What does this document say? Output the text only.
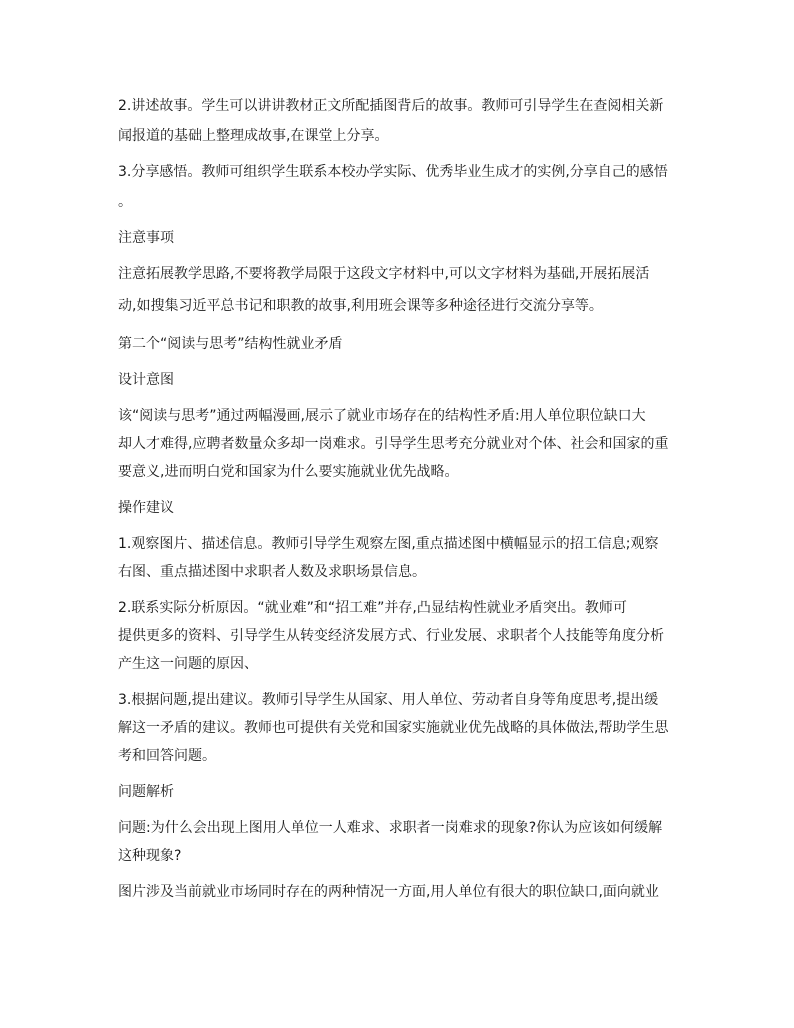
2.讲述故事。学生可以讲讲教材正文所配插图背后的故事。教师可引导学生在查阅相关新
闻报道的基础上整理成故事,在课堂上分享。
3.分享感悟。教师可组织学生联系本校办学实际、优秀毕业生成才的实例,分享自己的感悟
。
注意事项
注意拓展教学思路,不要将教学局限于这段文字材料中,可以文字材料为基础,开展拓展活
动,如搜集习近平总书记和职教的故事,利用班会课等多种途径进行交流分享等。
第二个“阅读与思考”结构性就业矛盾
设计意图
该“阅读与思考”通过两幅漫画,展示了就业市场存在的结构性矛盾:用人单位职位缺口大
却人才难得,应聘者数量众多却一岗难求。引导学生思考充分就业对个体、社会和国家的重
要意义,进而明白党和国家为什么要实施就业优先战略。
操作建议
1.观察图片、描述信息。教师引导学生观察左图,重点描述图中横幅显示的招工信息;观察
右图、重点描述图中求职者人数及求职场景信息。
2.联系实际分析原因。“就业难”和“招工难”并存,凸显结构性就业矛盾突出。教师可
提供更多的资料、引导学生从转变经济发展方式、行业发展、求职者个人技能等角度分析
产生这一问题的原因、
3.根据问题,提出建议。教师引导学生从国家、用人单位、劳动者自身等角度思考,提出缓
解这一矛盾的建议。教师也可提供有关党和国家实施就业优先战略的具体做法,帮助学生思
考和回答问题。
问题解析
问题:为什么会出现上图用人单位一人难求、求职者一岗难求的现象?你认为应该如何缓解
这种现象?
图片涉及当前就业市场同时存在的两种情况一方面,用人单位有很大的职位缺口,面向就业
